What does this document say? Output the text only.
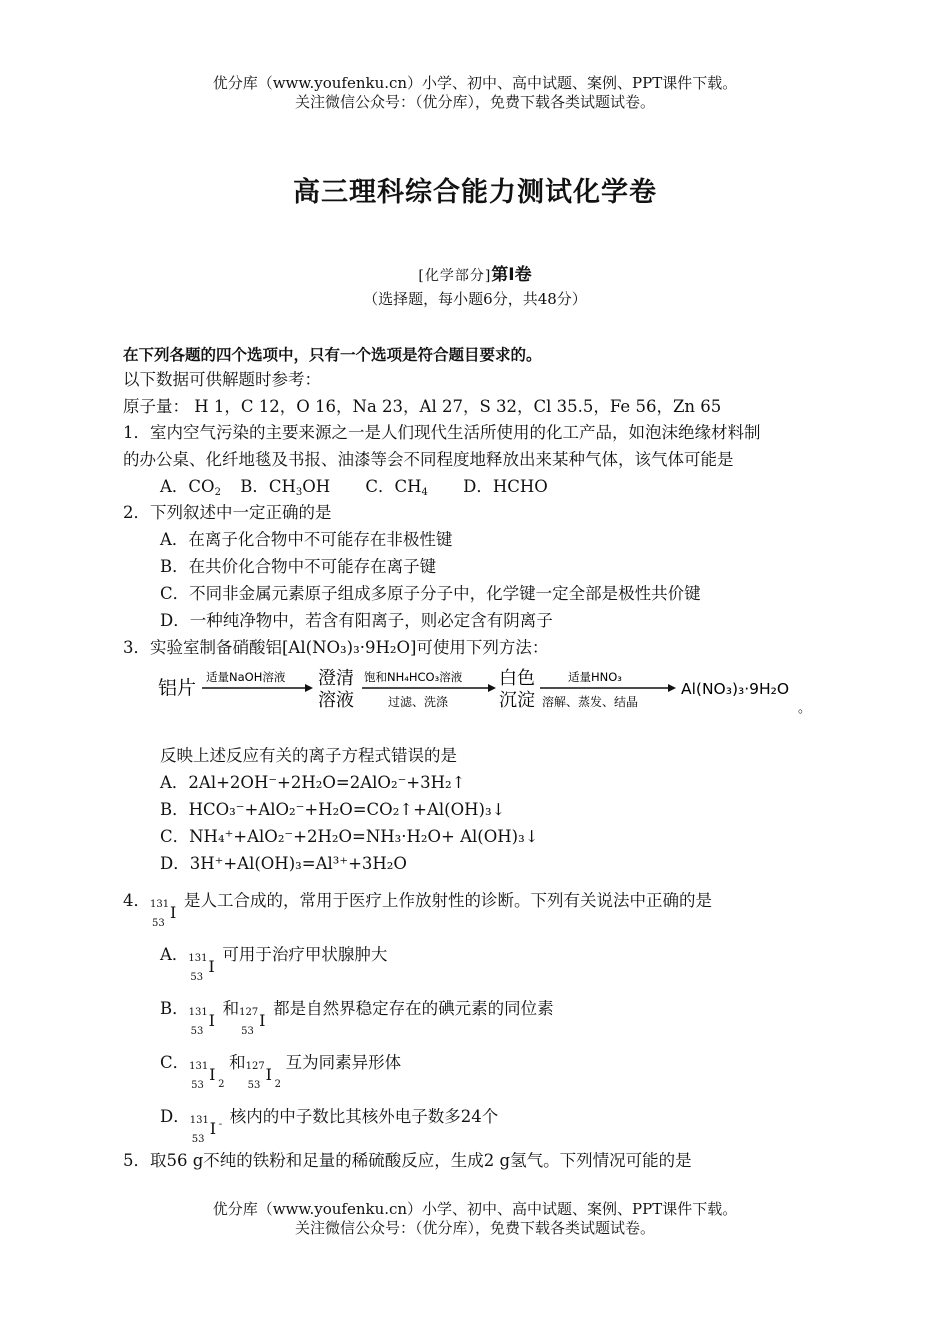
优分库（www.youfenku.cn）小学、初中、高中试题、案例、PPT课件下载。
关注微信公众号：（优分库），免费下载各类试题试卷。
高三理科综合能力测试化学卷
[化学部分]第Ⅰ卷
（选择题，每小题6分，共48分）
在下列各题的四个选项中，只有一个选项是符合题目要求的。
以下数据可供解题时参考：
原子量： H 1，C 12，O 16，Na 23，Al 27，S 32，Cl 35.5，Fe 56，Zn 65
1．室内空气污染的主要来源之一是人们现代生活所使用的化工产品，如泡沫绝缘材料制
的办公桌、化纤地毯及书报、油漆等会不同程度地释放出来某种气体，该气体可能是
A．$CO_2$ B．$CH_3OH$ C．$CH_4$ D．HCHO
2．下列叙述中一定正确的是
A．在离子化合物中不可能存在非极性键
B．在共价化合物中不可能存在离子键
C．不同非金属元素原子组成多原子分子中，化学键一定全部是极性共价键
D．一种纯净物中，若含有阳离子，则必定含有阴离子
3．实验室制备硝酸铝[Al(NO₃)₃·9H₂O]可使用下列方法：
铝片 适量NaOH溶液 澄清
溶液
饱和NH₄HCO₃溶液
过滤、洗涤
白色
沉淀
适量HNO₃
溶解、蒸发、结晶
Al(NO₃)₃·9H₂O
。
反映上述反应有关的离子方程式错误的是
A．2Al+2OH⁻+2H₂O=2AlO₂⁻+3H₂↑
B．HCO₃⁻+AlO₂⁻+H₂O=CO₂↑+Al(OH)₃↓
C．NH₄⁺+AlO₂⁻+2H₂O=NH₃·H₂O+ Al(OH)₃↓
D．3H⁺+Al(OH)₃=Al³⁺+3H₂O
4． 131
53
I
是人工合成的，常用于医疗上作放射性的诊断。下列有关说法中正确的是
A． 131
53
I
可用于治疗甲状腺肿大
B． 131
53
I
和 127
53
I
都是自然界稳定存在的碘元素的同位素
C． 131
53
I
2
和 127
53
I
2
互为同素异形体
D． 131
53
I - 核内的中子数比其核外电子数多24个
5．取56 g不纯的铁粉和足量的稀硫酸反应，生成2 g氢气。下列情况可能的是
优分库（www.youfenku.cn）小学、初中、高中试题、案例、PPT课件下载。
关注微信公众号：（优分库），免费下载各类试题试卷。
